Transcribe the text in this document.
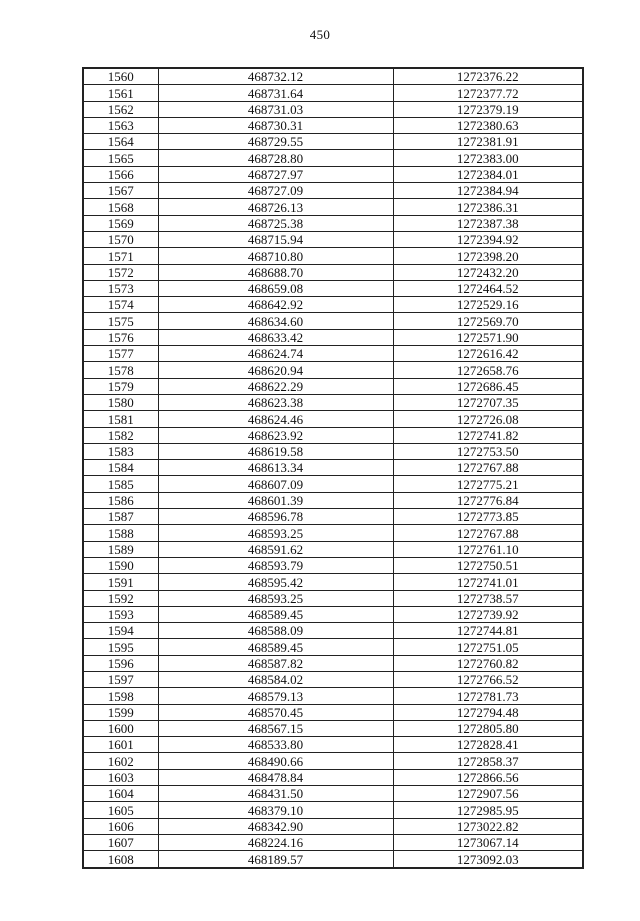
450
1560	468732.12	1272376.22
1561	468731.64	1272377.72
1562	468731.03	1272379.19
1563	468730.31	1272380.63
1564	468729.55	1272381.91
1565	468728.80	1272383.00
1566	468727.97	1272384.01
1567	468727.09	1272384.94
1568	468726.13	1272386.31
1569	468725.38	1272387.38
1570	468715.94	1272394.92
1571	468710.80	1272398.20
1572	468688.70	1272432.20
1573	468659.08	1272464.52
1574	468642.92	1272529.16
1575	468634.60	1272569.70
1576	468633.42	1272571.90
1577	468624.74	1272616.42
1578	468620.94	1272658.76
1579	468622.29	1272686.45
1580	468623.38	1272707.35
1581	468624.46	1272726.08
1582	468623.92	1272741.82
1583	468619.58	1272753.50
1584	468613.34	1272767.88
1585	468607.09	1272775.21
1586	468601.39	1272776.84
1587	468596.78	1272773.85
1588	468593.25	1272767.88
1589	468591.62	1272761.10
1590	468593.79	1272750.51
1591	468595.42	1272741.01
1592	468593.25	1272738.57
1593	468589.45	1272739.92
1594	468588.09	1272744.81
1595	468589.45	1272751.05
1596	468587.82	1272760.82
1597	468584.02	1272766.52
1598	468579.13	1272781.73
1599	468570.45	1272794.48
1600	468567.15	1272805.80
1601	468533.80	1272828.41
1602	468490.66	1272858.37
1603	468478.84	1272866.56
1604	468431.50	1272907.56
1605	468379.10	1272985.95
1606	468342.90	1273022.82
1607	468224.16	1273067.14
1608	468189.57	1273092.03
